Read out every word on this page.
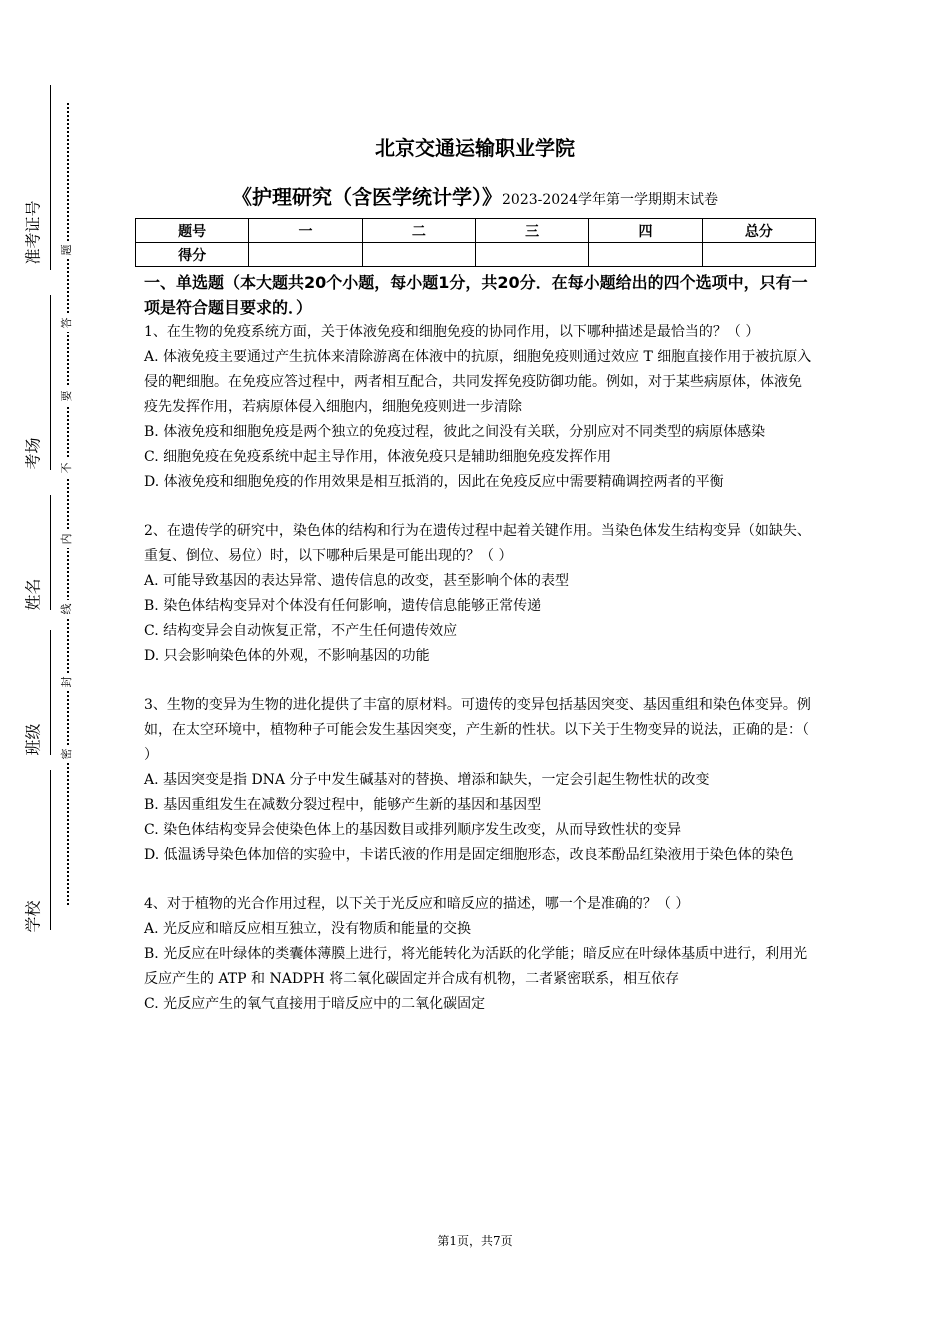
准考证号
考场
姓名
班级
学校
题
答
要
不
内
线
封
密
北京交通运输职业学院
《护理研究（含医学统计学）》2023-2024学年第一学期期末试卷
题号	一	二	三	四	总分
得分					
一、单选题（本大题共20个小题，每小题1分，共20分．在每小题给出的四个选项中，只有一项是符合题目要求的．）

1、在生物的免疫系统方面，关于体液免疫和细胞免疫的协同作用，以下哪种描述是最恰当的？（ ）

A. 体液免疫主要通过产生抗体来清除游离在体液中的抗原，细胞免疫则通过效应 T 细胞直接作用于被抗原入侵的靶细胞。在免疫应答过程中，两者相互配合，共同发挥免疫防御功能。例如，对于某些病原体，体液免疫先发挥作用，若病原体侵入细胞内，细胞免疫则进一步清除

B. 体液免疫和细胞免疫是两个独立的免疫过程，彼此之间没有关联，分别应对不同类型的病原体感染

C. 细胞免疫在免疫系统中起主导作用，体液免疫只是辅助细胞免疫发挥作用

D. 体液免疫和细胞免疫的作用效果是相互抵消的，因此在免疫反应中需要精确调控两者的平衡

2、在遗传学的研究中，染色体的结构和行为在遗传过程中起着关键作用。当染色体发生结构变异（如缺失、重复、倒位、易位）时，以下哪种后果是可能出现的？（ ）

A. 可能导致基因的表达异常、遗传信息的改变，甚至影响个体的表型

B. 染色体结构变异对个体没有任何影响，遗传信息能够正常传递

C. 结构变异会自动恢复正常，不产生任何遗传效应

D. 只会影响染色体的外观，不影响基因的功能

3、生物的变异为生物的进化提供了丰富的原材料。可遗传的变异包括基因突变、基因重组和染色体变异。例如，在太空环境中，植物种子可能会发生基因突变，产生新的性状。以下关于生物变异的说法，正确的是：（ ）

A. 基因突变是指 DNA 分子中发生碱基对的替换、增添和缺失，一定会引起生物性状的改变

B. 基因重组发生在减数分裂过程中，能够产生新的基因和基因型

C. 染色体结构变异会使染色体上的基因数目或排列顺序发生改变，从而导致性状的变异

D. 低温诱导染色体加倍的实验中，卡诺氏液的作用是固定细胞形态，改良苯酚品红染液用于染色体的染色

4、对于植物的光合作用过程，以下关于光反应和暗反应的描述，哪一个是准确的？（ ）

A. 光反应和暗反应相互独立，没有物质和能量的交换

B. 光反应在叶绿体的类囊体薄膜上进行，将光能转化为活跃的化学能；暗反应在叶绿体基质中进行，利用光反应产生的 ATP 和 NADPH 将二氧化碳固定并合成有机物，二者紧密联系，相互依存

C. 光反应产生的氧气直接用于暗反应中的二氧化碳固定

第1页，共7页
